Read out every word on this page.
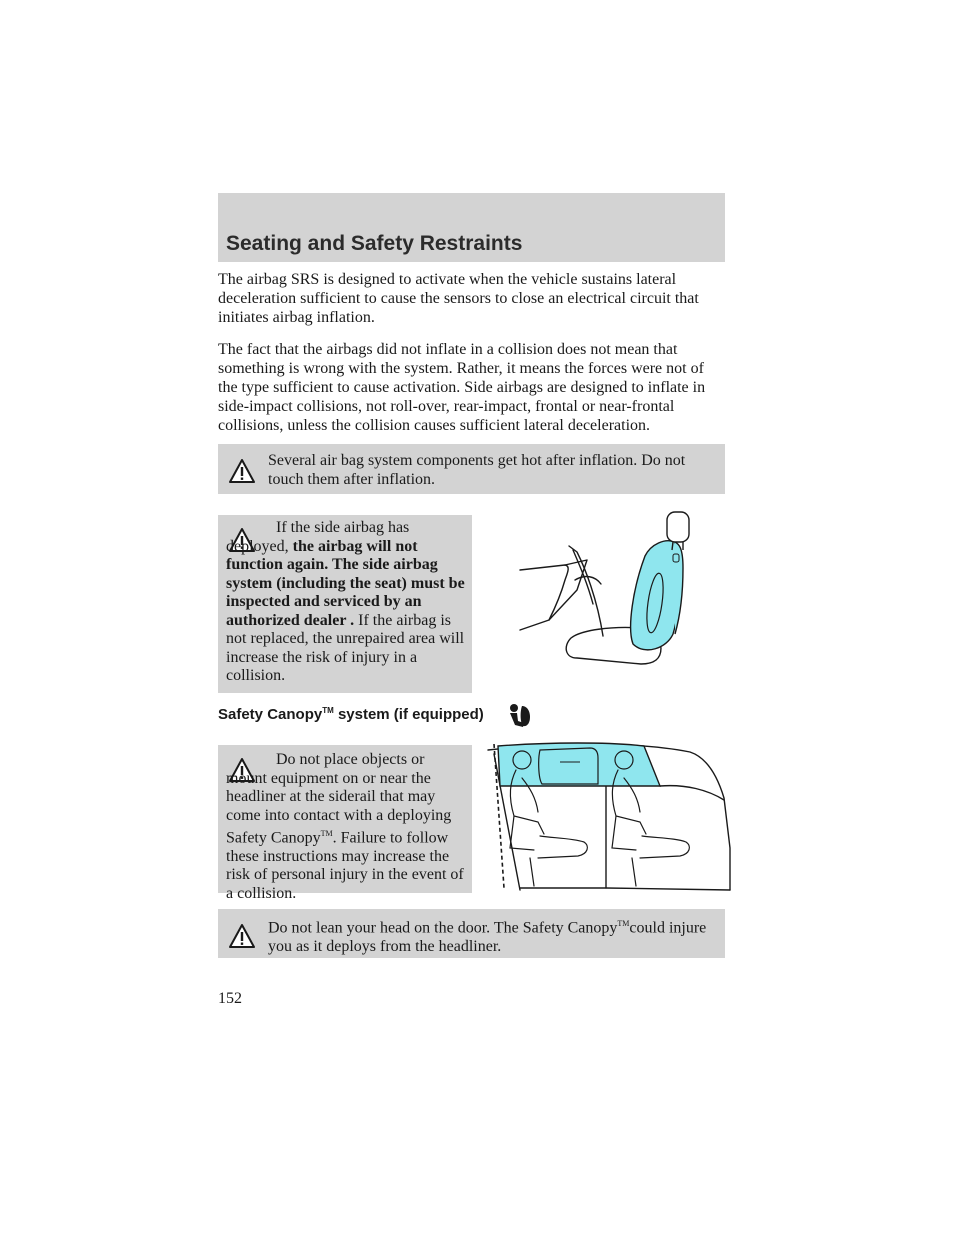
Seating and Safety Restraints

The airbag SRS is designed to activate when the vehicle sustains lateral deceleration sufficient to cause the sensors to close an electrical circuit that initiates airbag inflation.

The fact that the airbags did not inflate in a collision does not mean that something is wrong with the system. Rather, it means the forces were not of the type sufficient to cause activation. Side airbags are designed to inflate in side-impact collisions, not roll-over, rear-impact, frontal or near-frontal collisions, unless the collision causes sufficient lateral deceleration.

Several air bag system components get hot after inflation. Do not touch them after inflation.

If the side airbag has deployed, the airbag will not function again. The side airbag system (including the seat) must be inspected and serviced by an authorized dealer . If the airbag is not replaced, the unrepaired area will increase the risk of injury in a collision.

Safety Canopy™ system (if equipped)

Do not place objects or mount equipment on or near the headliner at the siderail that may come into contact with a deploying Safety Canopy™. Failure to follow these instructions may increase the risk of personal injury in the event of a collision.

Do not lean your head on the door. The Safety Canopy™could injure you as it deploys from the headliner.

152
